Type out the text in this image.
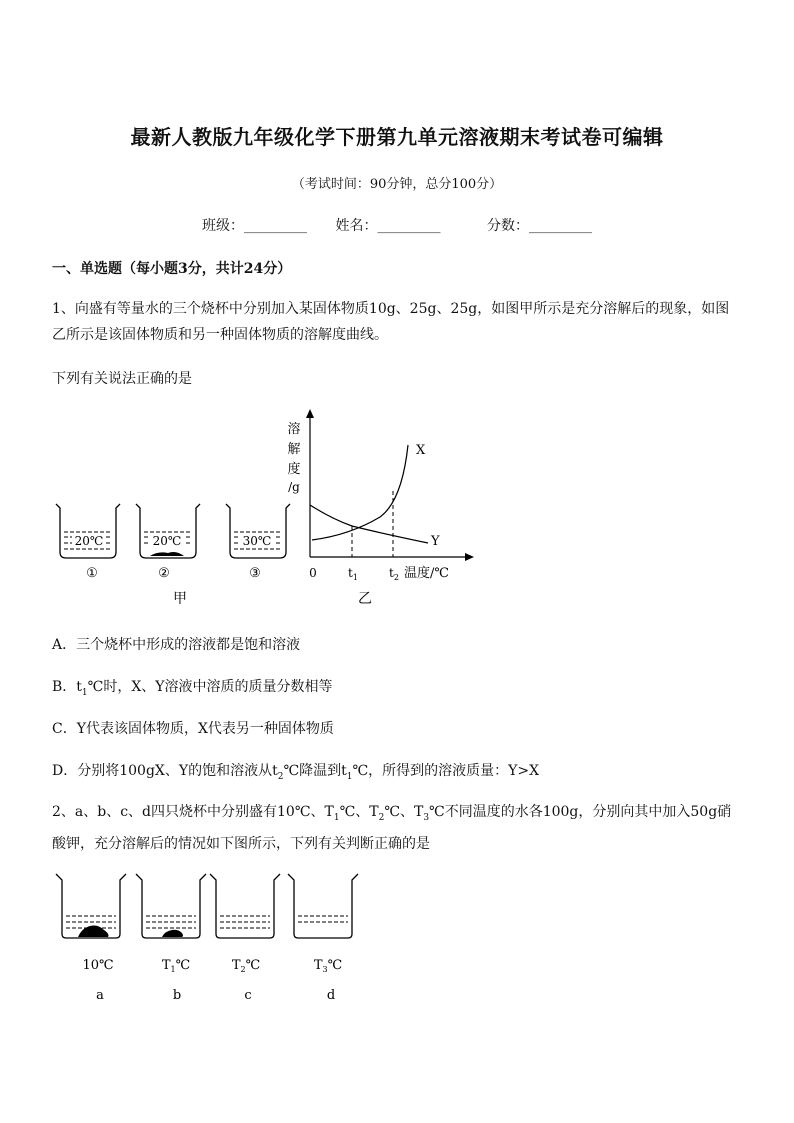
最新人教版九年级化学下册第九单元溶液期末考试卷可编辑
（考试时间：90分钟，总分100分）
班级：_________ 姓名：_________	分数：_________
一、单选题（每小题3分，共计24分）
1、向盛有等量水的三个烧杯中分别加入某固体物质10g、25g、25g，如图甲所示是充分溶解后的现象，如图
乙所示是该固体物质和另一种固体物质的溶解度曲线。
下列有关说法正确的是
20℃
①
20℃
②
30℃
③
甲
溶
解
度
/g
X
Y
0	$t_1$	$t_2$ 温度/℃
乙
A．三个烧杯中形成的溶液都是饱和溶液
B．$t_1℃$时，X、Y溶液中溶质的质量分数相等
C．Y代表该固体物质，X代表另一种固体物质
D．分别将100gX、Y的饱和溶液从$t_2℃$降温到$t_1℃$，所得到的溶液质量：Y>X
2、a、b、c、d四只烧杯中分别盛有10℃、$T_1℃$、$T_2℃$、$T_3℃$不同温度的水各100g，分别向其中加入50g硝
酸钾，充分溶解后的情况如下图所示，下列有关判断正确的是
10℃
a
$T_1℃$
b
$T_2℃$
c
$T_3℃$
d
